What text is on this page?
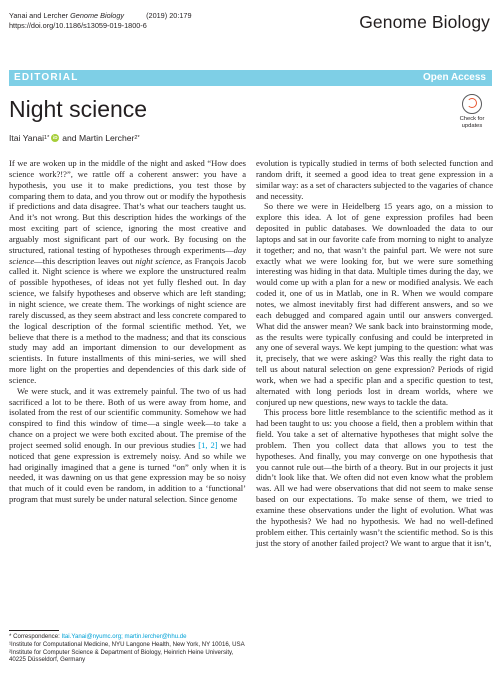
Yanai and Lercher Genome Biology	(2019) 20:179
https://doi.org/10.1186/s13059-019-1800-6	Genome Biology
EDITORIAL	Open Access
Night science
Itai Yanai 1* iD and Martin Lercher 2*
Check for updates

If we are woken up in the middle of the night and asked “How does science work?!?”, we rattle off a coherent answer: you have a hypothesis, you use it to make predictions, you test those by comparing them to data, and you throw out or modify the hypothesis if predictions and data disagree. That’s what our teachers taught us. And it’s not wrong. But this description hides the workings of the most exciting part of science, ignoring the most creative and arguably most significant part of our work. By focusing on the structured, rational testing of hypotheses through experiments—day science—this description leaves out night science, as François Jacob called it. Night science is where we explore the unstructured realm of possible hypotheses, of ideas not yet fully fleshed out. In day science, we falsify hypotheses and observe which are left standing; in night science, we create them. The workings of night science are rarely discussed, as they seem abstract and less concrete compared to the logical description of the formal scientific method. Yet, we believe that there is a method to the madness; and that its conscious study may add an important dimension to our development as scientists. In future installments of this mini-series, we will shed more light on the properties and dependencies of this dark side of science.

We were stuck, and it was extremely painful. The two of us had sacrificed a lot to be there. Both of us were away from home, and isolated from the rest of our scientific community. Somehow we had conspired to find this window of time—a single week—to take a chance on a project we were both excited about. The premise of the project seemed solid enough. In our previous studies [1, 2] we had noticed that gene expression is extremely noisy. And so while we had originally imagined that a gene is turned “on” only when it is needed, it was dawning on us that gene expression may be so noisy that much of it could even be random, in addition to a ‘functional’ program that must surely be under natural selection. Since genome

evolution is typically studied in terms of both selected function and random drift, it seemed a good idea to treat gene expression in a similar way: as a set of characters subjected to the vagaries of chance and necessity.

So there we were in Heidelberg 15 years ago, on a mission to explore this idea. A lot of gene expression profiles had been deposited in public databases. We downloaded the data to our laptops and sat in our favorite cafe from morning to night to analyze it together; and no, that wasn’t the painful part. We were not sure exactly what we were looking for, but we were sure something interesting was hiding in that data. Multiple times during the day, we would come up with a plan for a new or modified analysis. We each coded it, one of us in Matlab, one in R. When we would compare notes, we almost inevitably first had different answers, and so we each debugged and compared again until our answers converged. What did the answer mean? We sank back into brainstorming mode, as the results were typically confusing and could be interpreted in any one of several ways. We kept jumping to the question: what was it, precisely, that we were asking? Was this really the right data to tell us about natural selection on gene expression? Periods of rigid work, when we had a specific plan and a specific question to test, alternated with long periods lost in dream worlds, where we conjured up new questions, new ways to tackle the data.

This process bore little resemblance to the scientific method as it had been taught to us: you choose a field, then a problem within that field. You take a set of alternative hypotheses that might solve the problem. Then you collect data that allows you to test the hypotheses. And finally, you may converge on one hypothesis that you cannot rule out—the birth of a theory. But in our projects it just didn’t look like that. We often did not even know what the problem was. All we had were observations that did not seem to make sense based on our expectations. To make sense of them, we tried to examine these observations under the light of evolution. What was the hypothesis? We had no hypothesis. We had no well-defined problem either. This certainly wasn’t the scientific method. So is this just the story of another failed project? We want to argue that it isn’t,

* Correspondence: Itai.Yanai@nyumc.org; martin.lercher@hhu.de

¹Institute for Computational Medicine, NYU Langone Health, New York, NY 10016, USA

²Institute for Computer Science & Department of Biology, Heinrich Heine University, 40225 Düsseldorf, Germany
